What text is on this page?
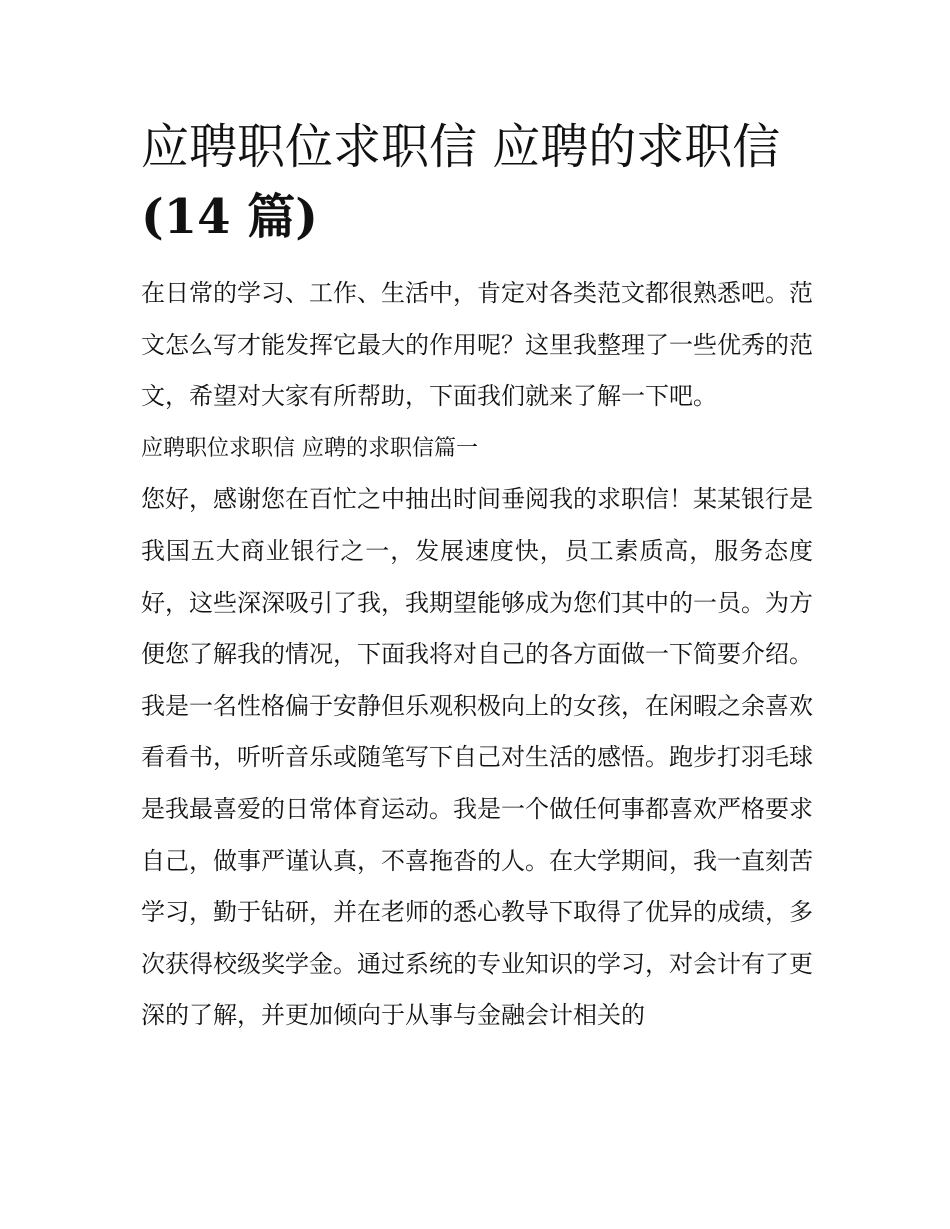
应聘职位求职信 应聘的求职信
(14 篇)

在日常的学习、工作、生活中，肯定对各类范文都很熟悉吧。范文怎么写才能发挥它最大的作用呢？这里我整理了一些优秀的范文，希望对大家有所帮助，下面我们就来了解一下吧。

应聘职位求职信 应聘的求职信篇一

您好，感谢您在百忙之中抽出时间垂阅我的求职信！某某银行是我国五大商业银行之一，发展速度快，员工素质高，服务态度好，这些深深吸引了我，我期望能够成为您们其中的一员。为方便您了解我的情况，下面我将对自己的各方面做一下简要介绍。

我是一名性格偏于安静但乐观积极向上的女孩，在闲暇之余喜欢看看书，听听音乐或随笔写下自己对生活的感悟。跑步打羽毛球是我最喜爱的日常体育运动。我是一个做任何事都喜欢严格要求自己，做事严谨认真，不喜拖沓的人。在大学期间，我一直刻苦学习，勤于钻研，并在老师的悉心教导下取得了优异的成绩，多次获得校级奖学金。通过系统的专业知识的学习，对会计有了更深的了解，并更加倾向于从事与金融会计相关的
